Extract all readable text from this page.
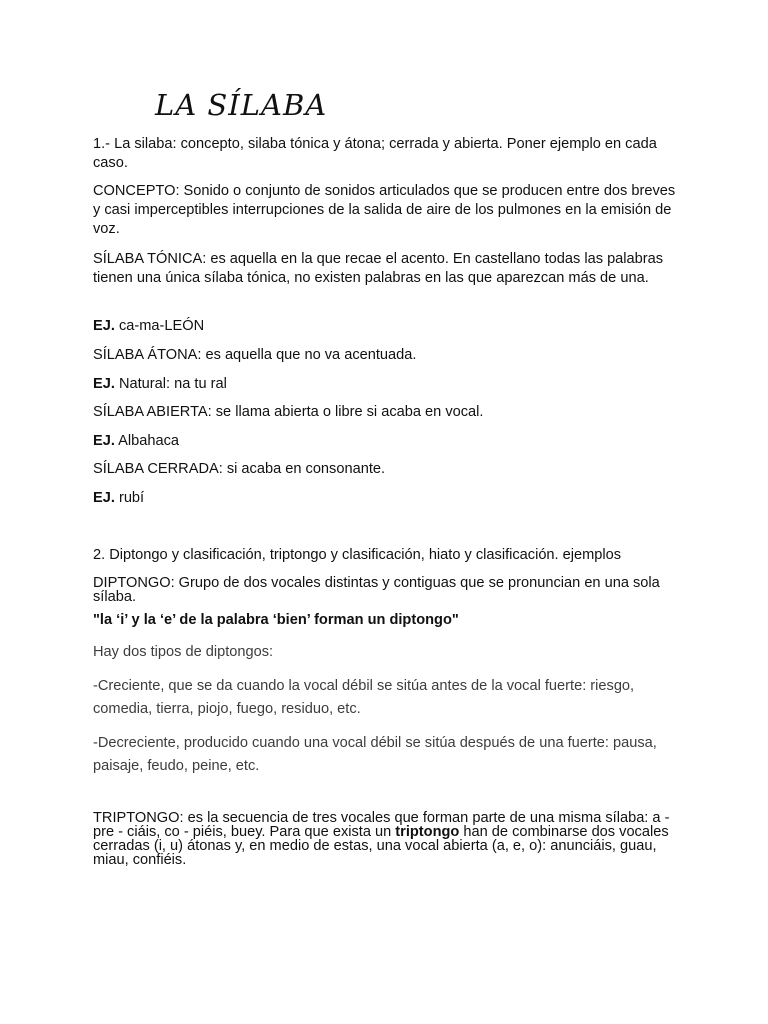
LA SÍLABA

1.- La silaba: concepto, silaba tónica y átona; cerrada y abierta. Poner ejemplo en cada caso.

CONCEPTO: Sonido o conjunto de sonidos articulados que se producen entre dos breves y casi imperceptibles interrupciones de la salida de aire de los pulmones en la emisión de voz.

SÍLABA TÓNICA: es aquella en la que recae el acento. En castellano todas las palabras tienen una única sílaba tónica, no existen palabras en las que aparezcan más de una.

EJ. ca-ma-LEÓN

SÍLABA ÁTONA: es aquella que no va acentuada.

EJ. Natural: na tu ral

SÍLABA ABIERTA: se llama abierta o libre si acaba en vocal.

EJ. Albahaca

SÍLABA CERRADA: si acaba en consonante.

EJ. rubí

2. Diptongo y clasificación, triptongo y clasificación, hiato y clasificación. ejemplos

DIPTONGO: Grupo de dos vocales distintas y contiguas que se pronuncian en una sola sílaba.

"la ‘i’ y la ‘e’ de la palabra ‘bien’ forman un diptongo"

Hay dos tipos de diptongos:

-Creciente, que se da cuando la vocal débil se sitúa antes de la vocal fuerte: riesgo, comedia, tierra, piojo, fuego, residuo, etc.

-Decreciente, producido cuando una vocal débil se sitúa después de una fuerte: pausa, paisaje, feudo, peine, etc.

TRIPTONGO: es la secuencia de tres vocales que forman parte de una misma sílaba: a - pre - ciáis, co - piéis, buey. Para que exista un triptongo han de combinarse dos vocales cerradas (i, u) átonas y, en medio de estas, una vocal abierta (a, e, o): anunciáis, guau, miau, confiéis.
